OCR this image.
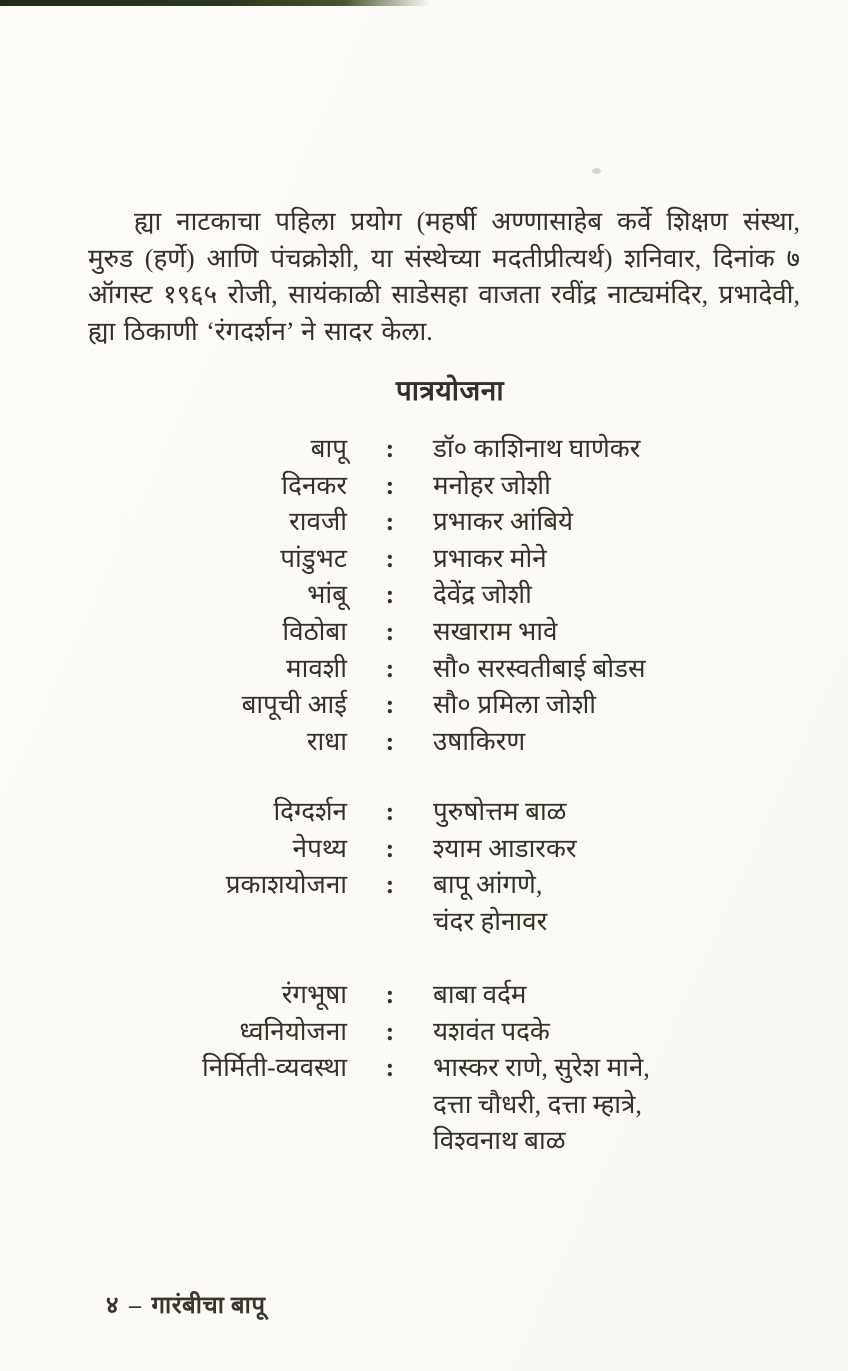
ह्या नाटकाचा पहिला प्रयोग (महर्षी अण्णासाहेब कर्वे शिक्षण संस्था, मुरुड (हर्णे) आणि पंचक्रोशी, या संस्थेच्या मदतीप्रीत्यर्थ) शनिवार, दिनांक ७ ऑगस्ट १९६५ रोजी, सायंकाळी साडेसहा वाजता रवींद्र नाट्यमंदिर, प्रभादेवी, ह्या ठिकाणी ‘रंगदर्शन’ ने सादर केला.

पात्रयोजना
बापू	:	डॉ० काशिनाथ घाणेकर
दिनकर	:	मनोहर जोशी
रावजी	:	प्रभाकर आंबिये
पांडुभट	:	प्रभाकर मोने
भांबू	:	देवेंद्र जोशी
विठोबा	:	सखाराम भावे
मावशी	:	सौ० सरस्वतीबाई बोडस
बापूची आई	:	सौ० प्रमिला जोशी
राधा	:	उषाकिरण
दिग्दर्शन	:	पुरुषोत्तम बाळ
नेपथ्य	:	श्याम आडारकर
प्रकाशयोजना	:	बापू आंगणे,
चंदर होनावर
रंगभूषा	:	बाबा वर्दम
ध्वनियोजना	:	यशवंत पदके
निर्मिती-व्यवस्था	:	भास्कर राणे, सुरेश माने,
दत्ता चौधरी, दत्ता म्हात्रे,
विश्वनाथ बाळ
४ – गारंबीचा बापू
